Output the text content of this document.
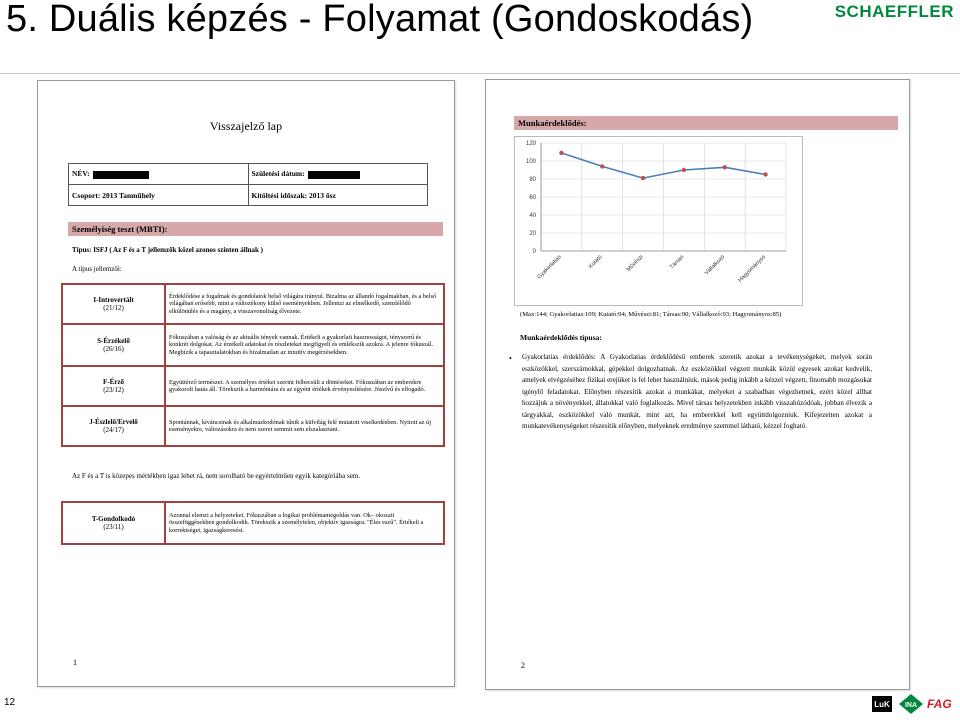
5. Duális képzés - Folyamat (Gondoskodás)	SCHAEFFLER
Visszajelző lap
NÉV:	Születési dátum:
Csoport: 2013 Tanműhely	Kitöltési időszak: 2013 ősz
Személyiség teszt (MBTI):
Típus: ISFJ ( Az F és a T jellemzők közel azonos szinten állnak )
A típus jellemzői:
I-Introvertált
(21/12)	Érdeklődése a fogalmak és gondolatok belső világára irányul. Bizalma az állandó fogalmakban, és a belső világában erősebb, mint a változékony külső eseményekben. Jellemzi az elmélkedő, szemlélődő elkülönülés és a magány, a visszavonultság élvezete.
S-Érzékelő
(26/16)	Fókuszában a valóság és az aktuális tények vannak. Értékeli a gyakorlati hasznosságot, tényszerű és konkrét dolgokat. Az érzékelt adatokat és részleteket megfigyeli és emlékszik azokra. A jelenre fókuszál. Megbízik a tapasztalatokban és bizalmatlan az intuitív megérzésekben.
F-Érző
(23/12)	Együttérző természet. A személyes értékei szerint felbecsüli a döntéseket. Fókuszában az emberekre gyakorolt hatás áll. Törekszik a harmóniára és az egyéni értékek érvényesítésére. Jószívű és elfogadó.
J-Észlelő/Ervelő
(24/17)	Spontánnak, kíváncsinak és alkalmazkodónak tűnik a külvilág felé mutatott viselkedésben. Nyitott az új eseményekre, változásokra és nem szeret semmit sem elszalasztani.
Az F és a T is közepes mértékben igaz lehet rá, nem sorolható be egyértelműen egyik kategóriába sem.
T-Gondolkodó
(23/11)	Azonnal elemzi a helyzeteket. Fókuszában a logikai problémamegoldás van. Ok– okozati összefüggésekben gondolkodik. Törekszik a személytelen, objektív igazságra. "Éles eszű". Értékeli a korrektséget, igazságkeresést.
1
Munkaérdeklődés:
0
20
40
60
80
100
120
Gyakorlatias	Kutató	Művészi	Társas	Vállalkozó Hagyományos
(Max:144; Gyakorlatias:109; Kutató:94; Művészi:81; Társas:90; Vállalkozó:93; Hagyományos:85)
Munkaérdeklődés típusa:
• Gyakorlatias érdeklődés: A Gyakorlatias érdeklődésű emberek szeretik azokat a tevékenységeket, melyek során eszközökkel, szerszámokkal, gépekkel dolgozhatnak. Az eszközökkel végzett munkák közül egyesek azokat kedvelik, amelyek elvégzéséhez fizikai erejüket is fel lehet használniuk, mások pedig inkább a kézzel végzett, finomabb mozgásokat igénylő feladatokat. Előnyben részesítik azokat a munkákat, melyeket a szabadban végezhetnek, ezért közel állhat hozzájuk a növényekkel, állatokkal való foglalkozás. Mivel társas helyzetekben inkább visszahúzódóak, jobban élvezik a tárgyakkal, eszközökkel való munkát, mint azt, ha emberekkel kell együttdolgozniuk. Kifejezetten azokat a munkatevékenységeket részesítik előnyben, melyeknek eredménye szemmel látható, kézzel fogható.
2
12	LuK	INA FAG
